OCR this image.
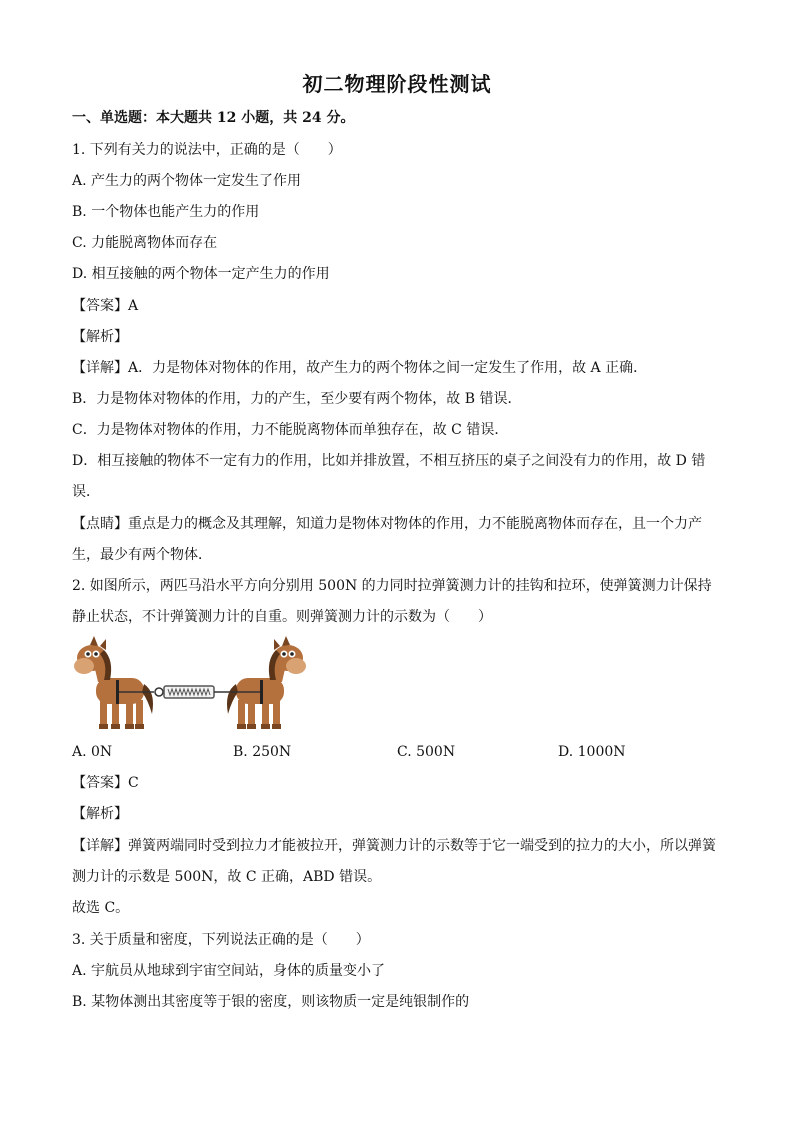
初二物理阶段性测试
一、单选题：本大题共 12 小题，共 24 分。
1. 下列有关力的说法中，正确的是（　　）
A. 产生力的两个物体一定发生了作用
B. 一个物体也能产生力的作用
C. 力能脱离物体而存在
D. 相互接触的两个物体一定产生力的作用
【答案】A
【解析】
【详解】A．力是物体对物体的作用，故产生力的两个物体之间一定发生了作用，故 A 正确．
B．力是物体对物体的作用，力的产生，至少要有两个物体，故 B 错误．
C．力是物体对物体的作用，力不能脱离物体而单独存在，故 C 错误．
D．相互接触的物体不一定有力的作用，比如并排放置，不相互挤压的桌子之间没有力的作用，故 D 错误．
【点睛】重点是力的概念及其理解，知道力是物体对物体的作用，力不能脱离物体而存在，且一个力产生，最少有两个物体．
2. 如图所示，两匹马沿水平方向分别用 500N 的力同时拉弹簧测力计的挂钩和拉环，使弹簧测力计保持静止状态，不计弹簧测力计的自重。则弹簧测力计的示数为（　　）
A. 0N	B. 250N	C. 500N	D. 1000N
【答案】C
【解析】
【详解】弹簧两端同时受到拉力才能被拉开，弹簧测力计的示数等于它一端受到的拉力的大小，所以弹簧测力计的示数是 500N，故 C 正确，ABD 错误。
故选 C。
3. 关于质量和密度，下列说法正确的是（　　）
A. 宇航员从地球到宇宙空间站，身体的质量变小了
B. 某物体测出其密度等于银的密度，则该物质一定是纯银制作的
